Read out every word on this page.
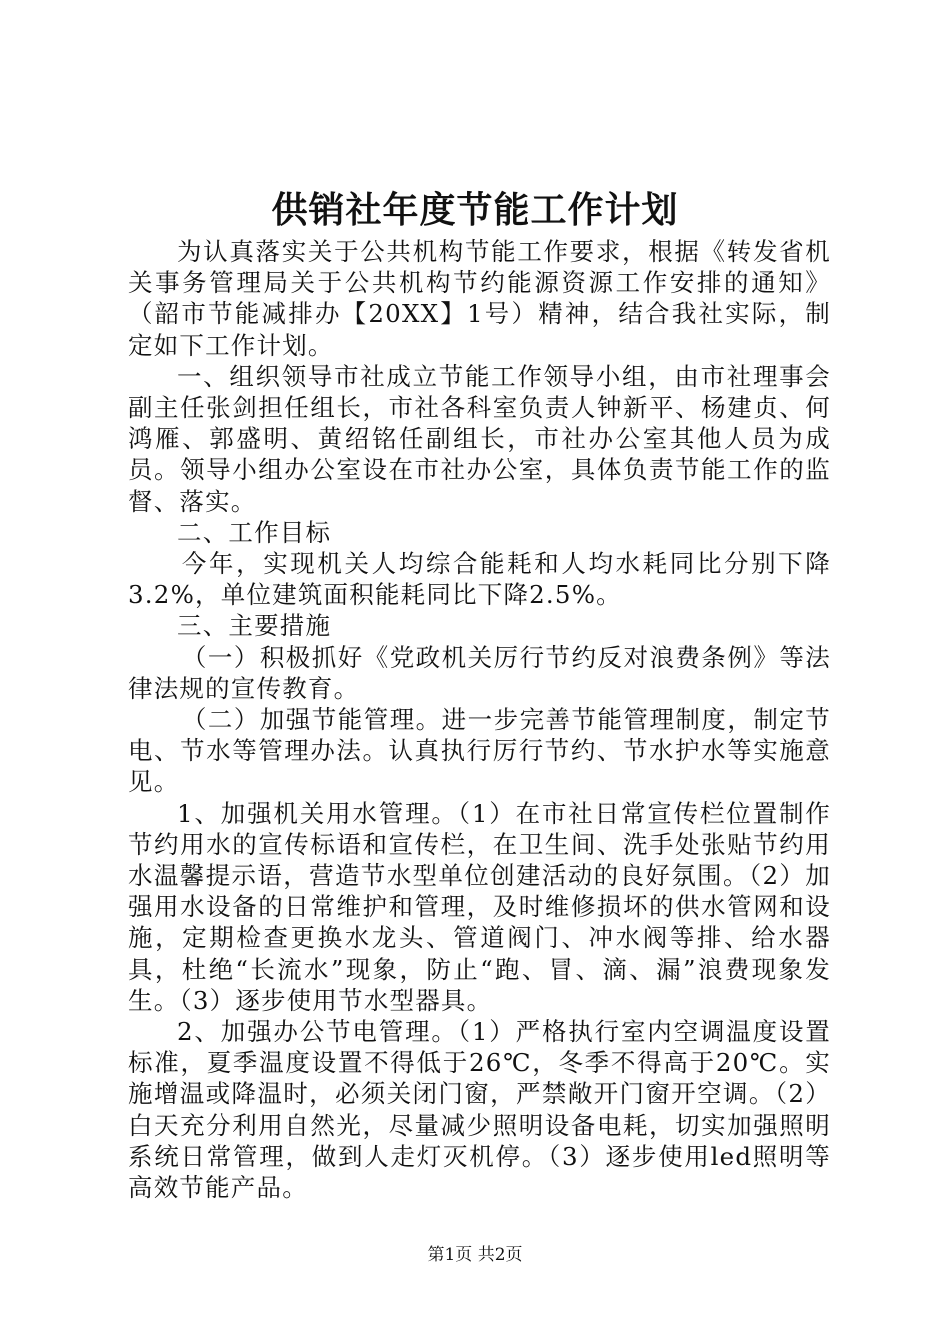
供销社年度节能工作计划

为认真落实关于公共机构节能工作要求，根据《转发省机关事务管理局关于公共机构节约能源资源工作安排的通知》（韶市节能减排办【20XX】1号）精神，结合我社实际，制定如下工作计划。

一、组织领导市社成立节能工作领导小组，由市社理事会副主任张剑担任组长，市社各科室负责人钟新平、杨建贞、何鸿雁、郭盛明、黄绍铭任副组长，市社办公室其他人员为成员。领导小组办公室设在市社办公室，具体负责节能工作的监督、落实。

二、工作目标

今年，实现机关人均综合能耗和人均水耗同比分别下降3.2%，单位建筑面积能耗同比下降2.5%。

三、主要措施

（一）积极抓好《党政机关厉行节约反对浪费条例》等法律法规的宣传教育。

（二）加强节能管理。进一步完善节能管理制度，制定节电、节水等管理办法。认真执行厉行节约、节水护水等实施意见。

1、加强机关用水管理。（1）在市社日常宣传栏位置制作节约用水的宣传标语和宣传栏，在卫生间、洗手处张贴节约用水温馨提示语，营造节水型单位创建活动的良好氛围。（2）加强用水设备的日常维护和管理，及时维修损坏的供水管网和设施，定期检查更换水龙头、管道阀门、冲水阀等排、给水器具，杜绝“长流水”现象，防止“跑、冒、滴、漏”浪费现象发生。（3）逐步使用节水型器具。

2、加强办公节电管理。（1）严格执行室内空调温度设置标准，夏季温度设置不得低于26℃，冬季不得高于20℃。实施增温或降温时，必须关闭门窗，严禁敞开门窗开空调。（2）白天充分利用自然光，尽量减少照明设备电耗，切实加强照明系统日常管理，做到人走灯灭机停。（3）逐步使用led照明等高效节能产品。

第1页 共2页
